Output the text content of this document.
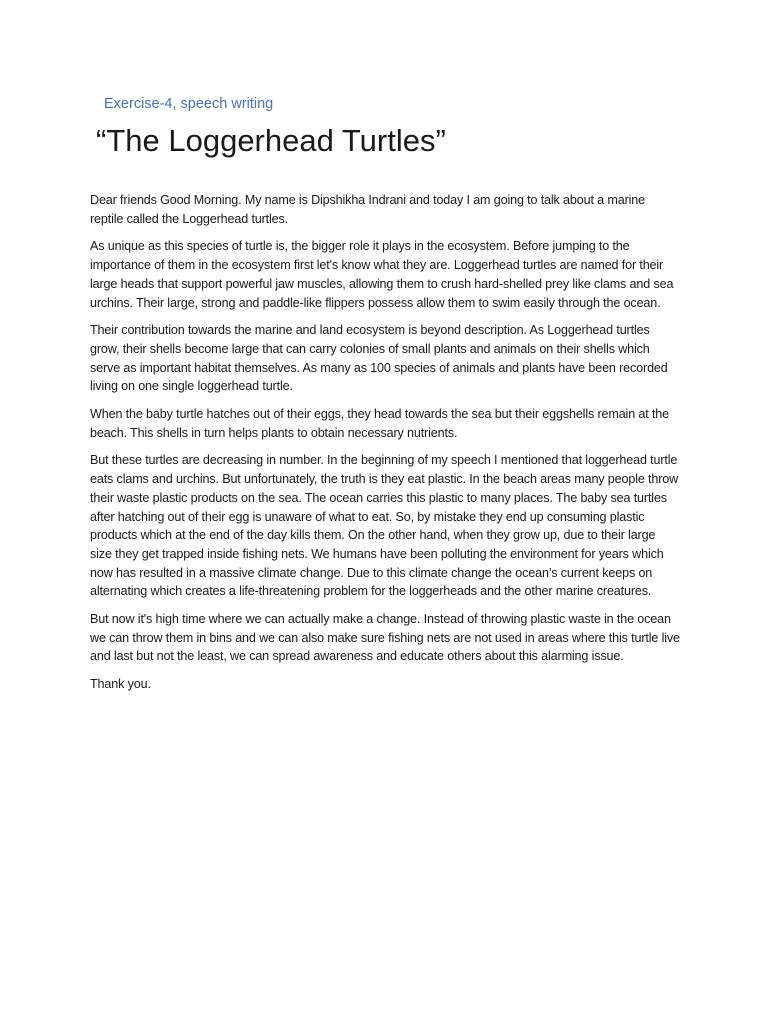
Exercise-4, speech writing
“The Loggerhead Turtles”

Dear friends Good Morning. My name is Dipshikha Indrani and today I am going to talk about a marine reptile called the Loggerhead turtles.

As unique as this species of turtle is, the bigger role it plays in the ecosystem. Before jumping to the importance of them in the ecosystem first let's know what they are. Loggerhead turtles are named for their large heads that support powerful jaw muscles, allowing them to crush hard-shelled prey like clams and sea urchins. Their large, strong and paddle-like flippers possess allow them to swim easily through the ocean.

Their contribution towards the marine and land ecosystem is beyond description. As Loggerhead turtles grow, their shells become large that can carry colonies of small plants and animals on their shells which serve as important habitat themselves. As many as 100 species of animals and plants have been recorded living on one single loggerhead turtle.

When the baby turtle hatches out of their eggs, they head towards the sea but their eggshells remain at the beach. This shells in turn helps plants to obtain necessary nutrients.

But these turtles are decreasing in number. In the beginning of my speech I mentioned that loggerhead turtle eats clams and urchins. But unfortunately, the truth is they eat plastic. In the beach areas many people throw their waste plastic products on the sea. The ocean carries this plastic to many places. The baby sea turtles after hatching out of their egg is unaware of what to eat. So, by mistake they end up consuming plastic products which at the end of the day kills them. On the other hand, when they grow up, due to their large size they get trapped inside fishing nets. We humans have been polluting the environment for years which now has resulted in a massive climate change. Due to this climate change the ocean’s current keeps on alternating which creates a life-threatening problem for the loggerheads and the other marine creatures.

But now it's high time where we can actually make a change. Instead of throwing plastic waste in the ocean we can throw them in bins and we can also make sure fishing nets are not used in areas where this turtle live and last but not the least, we can spread awareness and educate others about this alarming issue.

Thank you.
